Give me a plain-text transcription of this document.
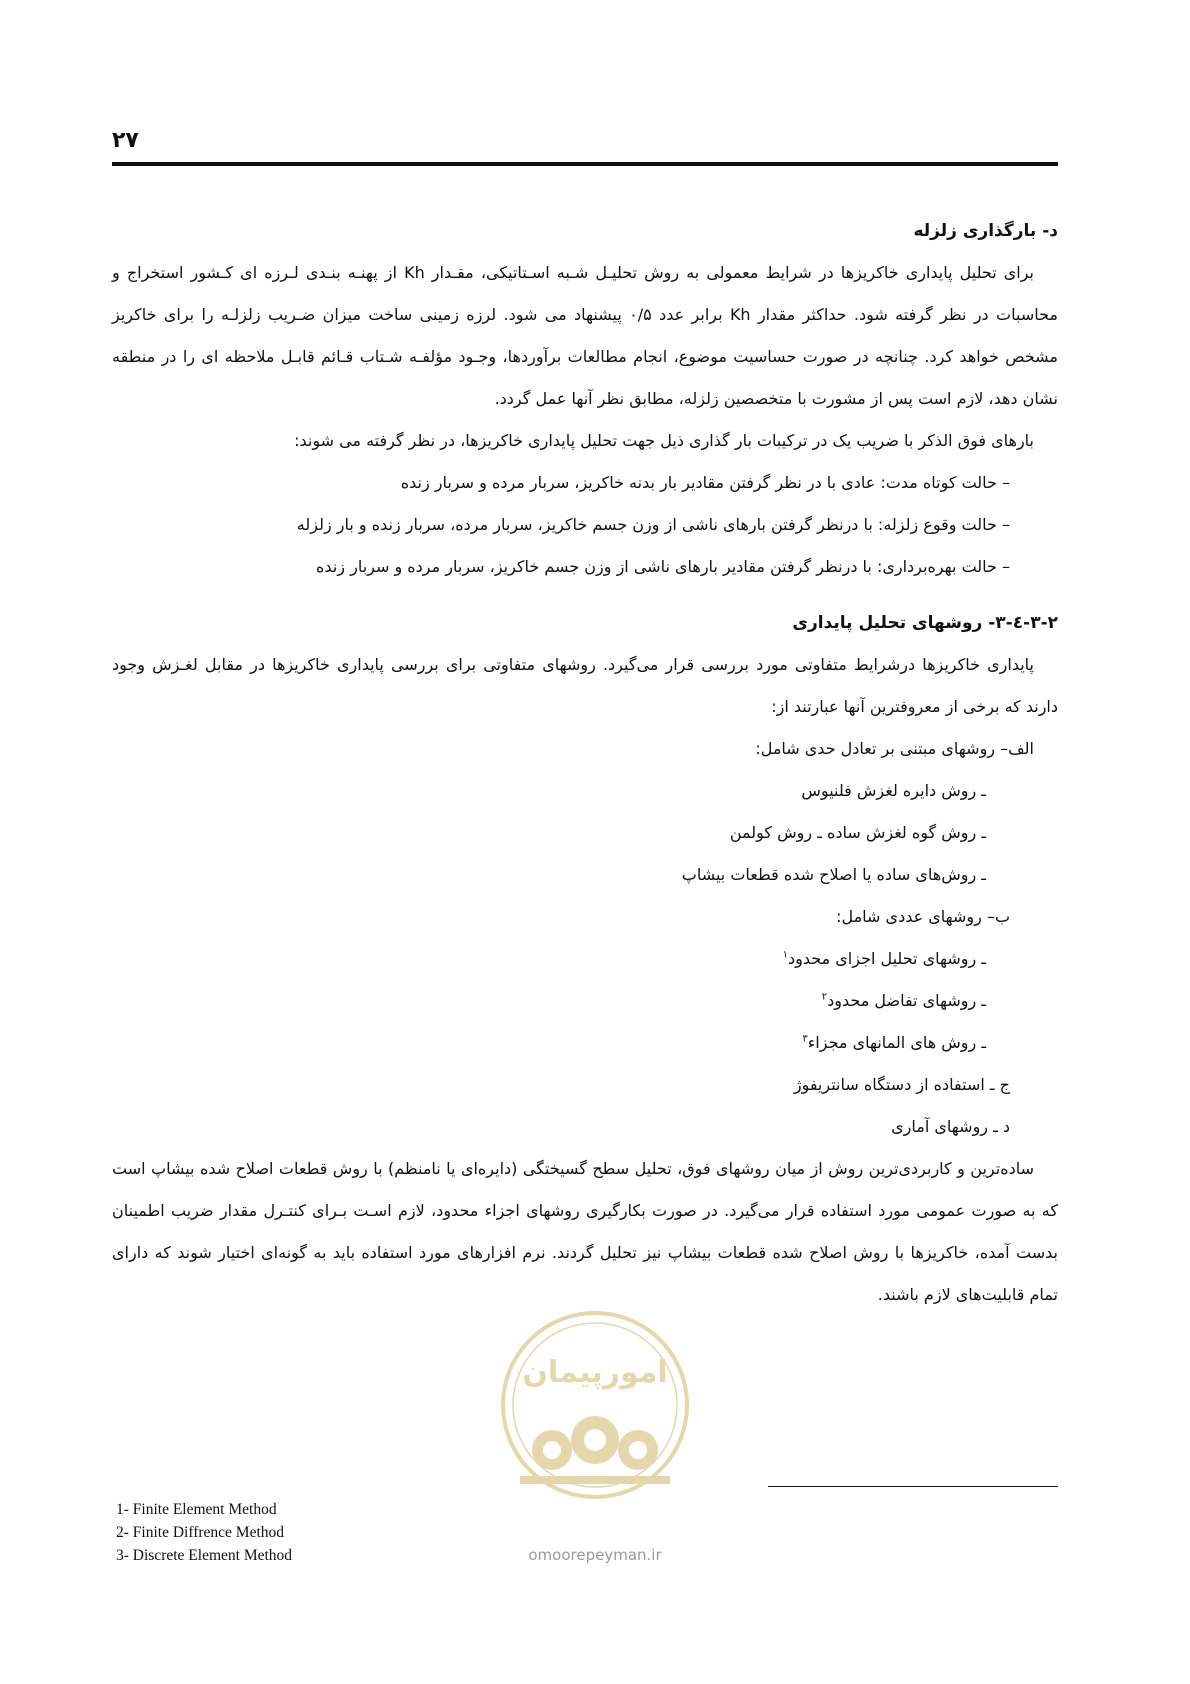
۲۷

د- بارگذاری زلزله

برای تحلیل پایداری خاکریزها در شرایط معمولی به روش تحلیـل شـبه اسـتاتیکی، مقـدار Kh از پهنـه بنـدی لـرزه ای کـشور استخراج و محاسبات در نظر گرفته شود. حداکثر مقدار Kh برابر عدد ۰/۵ پیشنهاد می شود. لرزه زمینی ساخت میزان ضـریب زلزلـه را برای خاکریز مشخص خواهد کرد. چنانچه در صورت حساسیت موضوع، انجام مطالعات برآوردها، وجـود مؤلفـه شـتاب قـائم قابـل ملاحظه ای را در منطقه نشان دهد، لازم است پس از مشورت با متخصصین زلزله، مطابق نظر آنها عمل گردد.

بارهای فوق الذکر با ضریب یک در ترکیبات بار گذاری ذیل جهت تحلیل پایداری خاکریزها، در نظر گرفته می شوند:

– حالت کوتاه مدت: عادی با در نظر گرفتن مقادیر بار بدنه خاکریز، سربار مرده و سربار زنده

– حالت وقوع زلزله: با درنظر گرفتن بارهای ناشی از وزن جسم خاکریز، سربار مرده، سربار زنده و بار زلزله

– حالت بهره‌برداری: با درنظر گرفتن مقادیر بارهای ناشی از وزن جسم خاکریز، سربار مرده و سربار زنده

۳-۲-٤-۳- روشهای تحلیل پایداری

پایداری خاکریزها درشرایط متفاوتی مورد بررسی قرار می‌گیرد. روشهای متفاوتی برای بررسی پایداری خاکریزها در مقابل لغـزش وجود دارند که برخی از معروفترین آنها عبارتند از:

الف– روشهای مبتنی بر تعادل حدی شامل:

ـ روش دایره لغزش فلنیوس

ـ روش گوه لغزش ساده ـ روش کولمن

ـ روش‌های ساده یا اصلاح شده قطعات بیشاپ

ب– روشهای عددی شامل:

ـ روشهای تحلیل اجزای محدود$^۱$

ـ روشهای تفاضل محدود$^۲$

ـ روش های المانهای مجزاء$^۳$

ج ـ استفاده از دستگاه سانتریفوژ

د ـ روشهای آماری

ساده‌ترین و کاربردی‌ترین روش از میان روشهای فوق، تحلیل سطح گسیختگی (دایره‌ای یا نامنظم) با روش قطعات اصلاح شده بیشاپ است که به صورت عمومی مورد استفاده قرار می‌گیرد. در صورت بکارگیری روشهای اجزاء محدود، لازم اسـت بـرای کنتـرل مقدار ضریب اطمینان بدست آمده، خاکریزها با روش اصلاح شده قطعات بیشاپ نیز تحلیل گردند. نرم افزارهای مورد استفاده باید به گونه‌ای اختیار شوند که دارای تمام قابلیت‌های لازم باشند.

امورپیمان
omoorepeyman.ir
1- Finite Element Method
2- Finite Diffrence Method
3- Discrete Element Method
